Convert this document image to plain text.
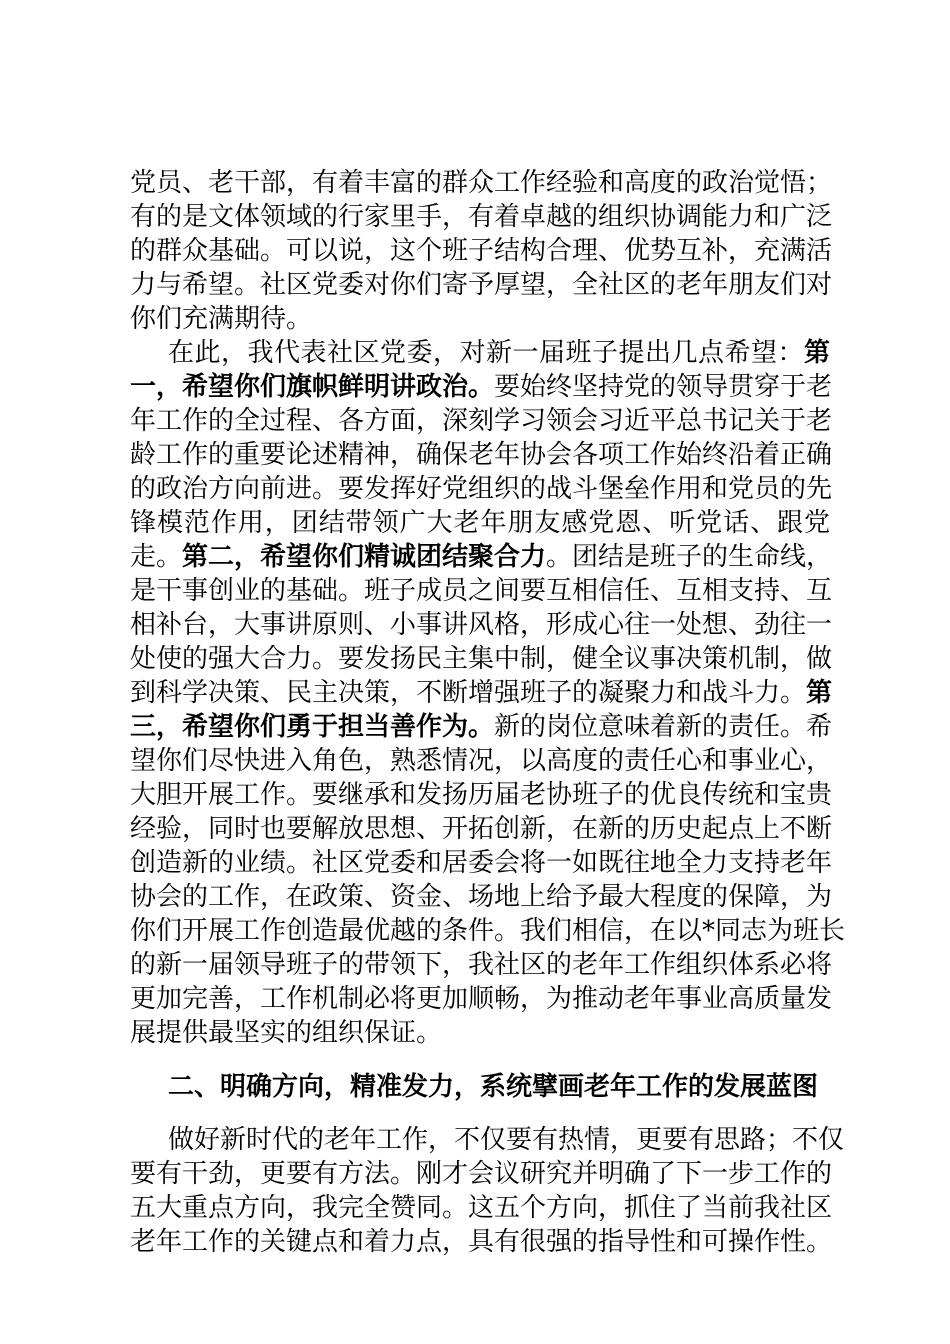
党员、老干部，有着丰富的群众工作经验和高度的政治觉悟；
有的是文体领域的行家里手，有着卓越的组织协调能力和广泛
的群众基础。可以说，这个班子结构合理、优势互补，充满活
力与希望。社区党委对你们寄予厚望，全社区的老年朋友们对
你们充满期待。
在此，我代表社区党委，对新一届班子提出几点希望：第
一，希望你们旗帜鲜明讲政治。要始终坚持党的领导贯穿于老
年工作的全过程、各方面，深刻学习领会习近平总书记关于老
龄工作的重要论述精神，确保老年协会各项工作始终沿着正确
的政治方向前进。要发挥好党组织的战斗堡垒作用和党员的先
锋模范作用，团结带领广大老年朋友感党恩、听党话、跟党
走。第二，希望你们精诚团结聚合力。团结是班子的生命线，
是干事创业的基础。班子成员之间要互相信任、互相支持、互
相补台，大事讲原则、小事讲风格，形成心往一处想、劲往一
处使的强大合力。要发扬民主集中制，健全议事决策机制，做
到科学决策、民主决策，不断增强班子的凝聚力和战斗力。第
三，希望你们勇于担当善作为。新的岗位意味着新的责任。希
望你们尽快进入角色，熟悉情况，以高度的责任心和事业心，
大胆开展工作。要继承和发扬历届老协班子的优良传统和宝贵
经验，同时也要解放思想、开拓创新，在新的历史起点上不断
创造新的业绩。社区党委和居委会将一如既往地全力支持老年
协会的工作，在政策、资金、场地上给予最大程度的保障，为
你们开展工作创造最优越的条件。我们相信，在以*同志为班长
的新一届领导班子的带领下，我社区的老年工作组织体系必将
更加完善，工作机制必将更加顺畅，为推动老年事业高质量发
展提供最坚实的组织保证。
二、明确方向，精准发力，系统擘画老年工作的发展蓝图
做好新时代的老年工作，不仅要有热情，更要有思路；不仅
要有干劲，更要有方法。刚才会议研究并明确了下一步工作的
五大重点方向，我完全赞同。这五个方向，抓住了当前我社区
老年工作的关键点和着力点，具有很强的指导性和可操作性。
